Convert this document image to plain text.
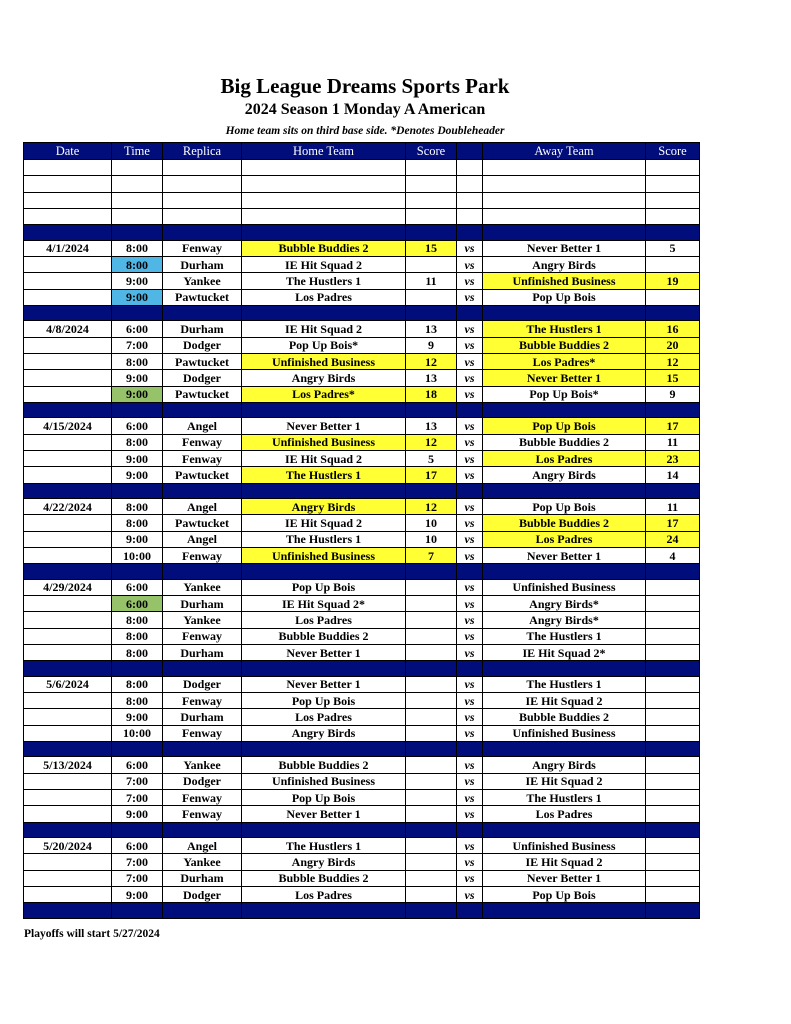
Big League Dreams Sports Park
2024 Season 1 Monday A American
Home team sits on third base side. *Denotes Doubleheader
Date	Time	Replica	Home Team	Score		Away Team	Score

4/1/2024	8:00	Fenway	Bubble Buddies 2	15	vs	Never Better 1	5
	8:00	Durham	IE Hit Squad 2		vs	Angry Birds	
	9:00	Yankee	The Hustlers 1	11	vs	Unfinished Business	19
	9:00	Pawtucket	Los Padres		vs	Pop Up Bois	

4/8/2024	6:00	Durham	IE Hit Squad 2	13	vs	The Hustlers 1	16
	7:00	Dodger	Pop Up Bois*	9	vs	Bubble Buddies 2	20
	8:00	Pawtucket	Unfinished Business	12	vs	Los Padres*	12
	9:00	Dodger	Angry Birds	13	vs	Never Better 1	15
	9:00	Pawtucket	Los Padres*	18	vs	Pop Up Bois*	9

4/15/2024	6:00	Angel	Never Better 1	13	vs	Pop Up Bois	17
	8:00	Fenway	Unfinished Business	12	vs	Bubble Buddies 2	11
	9:00	Fenway	IE Hit Squad 2	5	vs	Los Padres	23
	9:00	Pawtucket	The Hustlers 1	17	vs	Angry Birds	14

4/22/2024	8:00	Angel	Angry Birds	12	vs	Pop Up Bois	11
	8:00	Pawtucket	IE Hit Squad 2	10	vs	Bubble Buddies 2	17
	9:00	Angel	The Hustlers 1	10	vs	Los Padres	24
	10:00	Fenway	Unfinished Business	7	vs	Never Better 1	4

4/29/2024	6:00	Yankee	Pop Up Bois		vs	Unfinished Business	
	6:00	Durham	IE Hit Squad 2*		vs	Angry Birds*	
	8:00	Yankee	Los Padres		vs	Angry Birds*	
	8:00	Fenway	Bubble Buddies 2		vs	The Hustlers 1	
	8:00	Durham	Never Better 1		vs	IE Hit Squad 2*	

5/6/2024	8:00	Dodger	Never Better 1		vs	The Hustlers 1	
	8:00	Fenway	Pop Up Bois		vs	IE Hit Squad 2	
	9:00	Durham	Los Padres		vs	Bubble Buddies 2	
	10:00	Fenway	Angry Birds		vs	Unfinished Business	

5/13/2024	6:00	Yankee	Bubble Buddies 2		vs	Angry Birds	
	7:00	Dodger	Unfinished Business		vs	IE Hit Squad 2	
	7:00	Fenway	Pop Up Bois		vs	The Hustlers 1	
	9:00	Fenway	Never Better 1		vs	Los Padres	

5/20/2024	6:00	Angel	The Hustlers 1		vs	Unfinished Business	
	7:00	Yankee	Angry Birds		vs	IE Hit Squad 2	
	7:00	Durham	Bubble Buddies 2		vs	Never Better 1	
	9:00	Dodger	Los Padres		vs	Pop Up Bois	

Playoffs will start 5/27/2024
